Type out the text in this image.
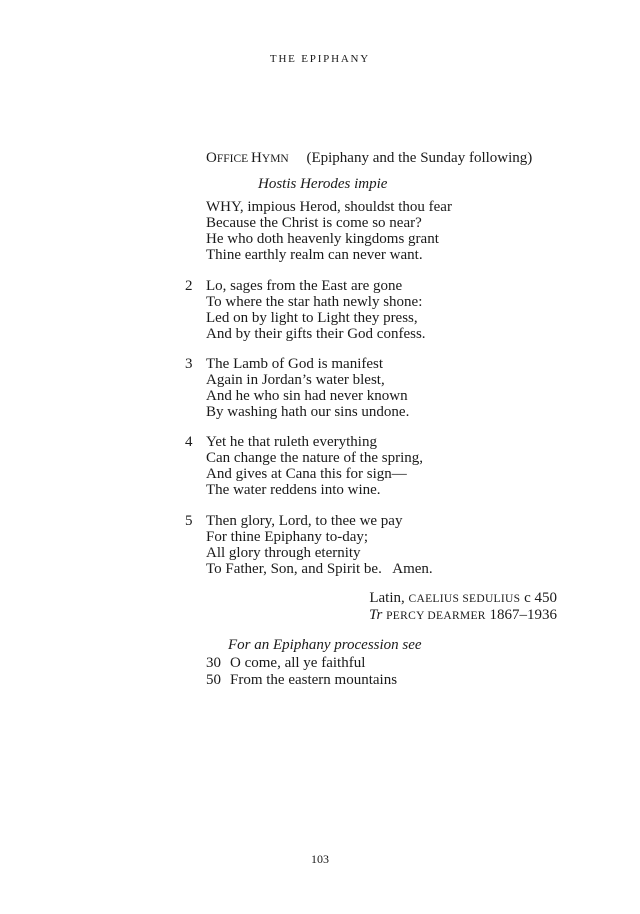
THE EPIPHANY
OFFICE HYMN (Epiphany and the Sunday following)
Hostis Herodes impie
WHY, impious Herod, shouldst thou fear
Because the Christ is come so near?
He who doth heavenly kingdoms grant
Thine earthly realm can never want.
2 Lo, sages from the East are gone
To where the star hath newly shone:
Led on by light to Light they press,
And by their gifts their God confess.
3 The Lamb of God is manifest
Again in Jordan’s water blest,
And he who sin had never known
By washing hath our sins undone.
4 Yet he that ruleth everything
Can change the nature of the spring,
And gives at Cana this for sign—
The water reddens into wine.
5 Then glory, Lord, to thee we pay
For thine Epiphany to-day;
All glory through eternity
To Father, Son, and Spirit be.   Amen.
Latin, CAELIUS SEDULIUS c 450
Tr PERCY DEARMER 1867–1936
For an Epiphany procession see
30 O come, all ye faithful
50 From the eastern mountains
103
